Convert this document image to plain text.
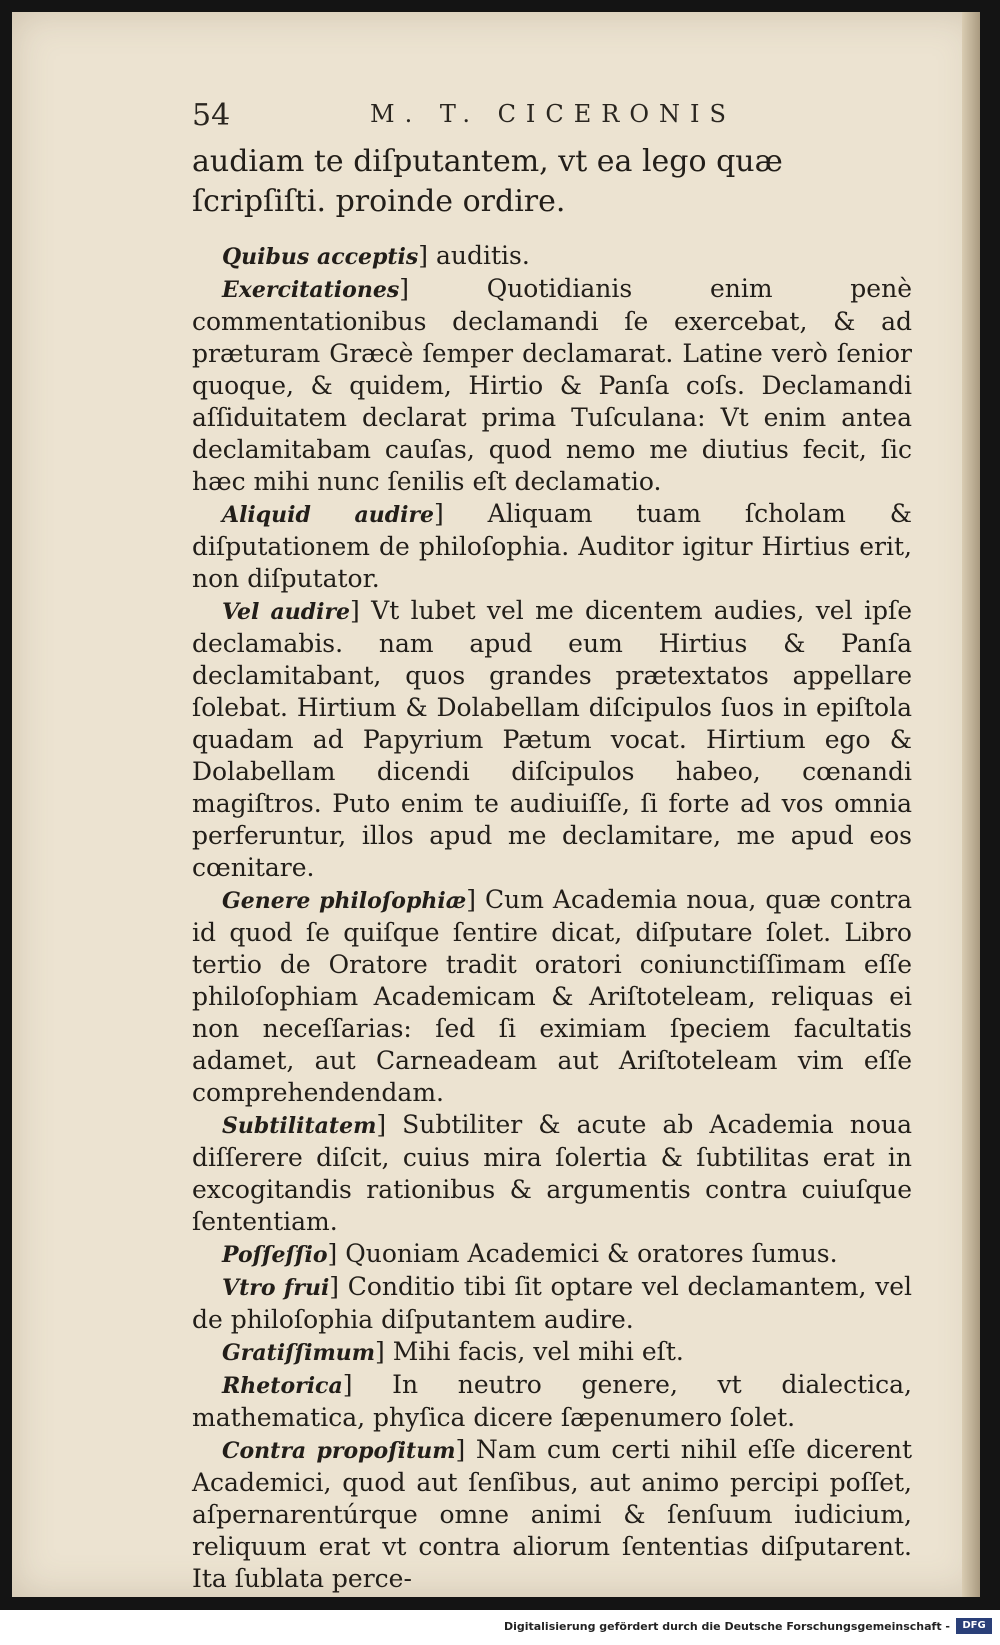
54	M. T. CICERONIS

audiam te diſputantem, vt ea lego quæ ſcripſiſti. proinde ordire.

Quibus acceptis] auditis.

Exercitationes] Quotidianis enim penè commentationibus declamandi ſe exercebat, & ad præturam Græcè ſemper declamarat. Latine verò ſenior quoque, & quidem, Hirtio & Panſa coſs. Declamandi aſſiduitatem declarat prima Tuſculana: Vt enim antea declamitabam cauſas, quod nemo me diutius fecit, ſic hæc mihi nunc ſenilis eſt declamatio.

Aliquid audire] Aliquam tuam ſcholam & diſputationem de philoſophia. Auditor igitur Hirtius erit, non diſputator.

Vel audire] Vt lubet vel me dicentem audies, vel ipſe declamabis. nam apud eum Hirtius & Panſa declamitabant, quos grandes prætextatos appellare ſolebat. Hirtium & Dolabellam diſcipulos ſuos in epiſtola quadam ad Papyrium Pætum vocat. Hirtium ego & Dolabellam dicendi diſcipulos habeo, cœnandi magiſtros. Puto enim te audiuiſſe, ſi forte ad vos omnia perferuntur, illos apud me declamitare, me apud eos cœnitare.

Genere philoſophiæ] Cum Academia noua, quæ contra id quod ſe quiſque ſentire dicat, diſputare ſolet. Libro tertio de Oratore tradit oratori coniunctiſſimam eſſe philoſophiam Academicam & Ariſtoteleam, reliquas ei non neceſſarias: ſed ſi eximiam ſpeciem facultatis adamet, aut Carneadeam aut Ariſtoteleam vim eſſe comprehendendam.

Subtilitatem] Subtiliter & acute ab Academia noua diſſerere diſcit, cuius mira ſolertia & ſubtilitas erat in excogitandis rationibus & argumentis contra cuiuſque ſententiam.

Poſſeſſio] Quoniam Academici & oratores ſumus.

Vtro frui] Conditio tibi ſit optare vel declamantem, vel de philoſophia diſputantem audire.

Gratiſſimum] Mihi facis, vel mihi eſt.

Rhetorica] In neutro genere, vt dialectica, mathematica, phyſica dicere ſæpenumero ſolet.

Contra propoſitum] Nam cum certi nihil eſſe dicerent Academici, quod aut ſenſibus, aut animo percipi poſſet, aſpernarentúrque omne animi & ſenſuum iudicium, reliquum erat vt contra aliorum ſententias diſputarent. Ita ſublata perce-

Digitalisierung gefördert durch die Deutsche Forschungsgemeinschaft -	DFG
